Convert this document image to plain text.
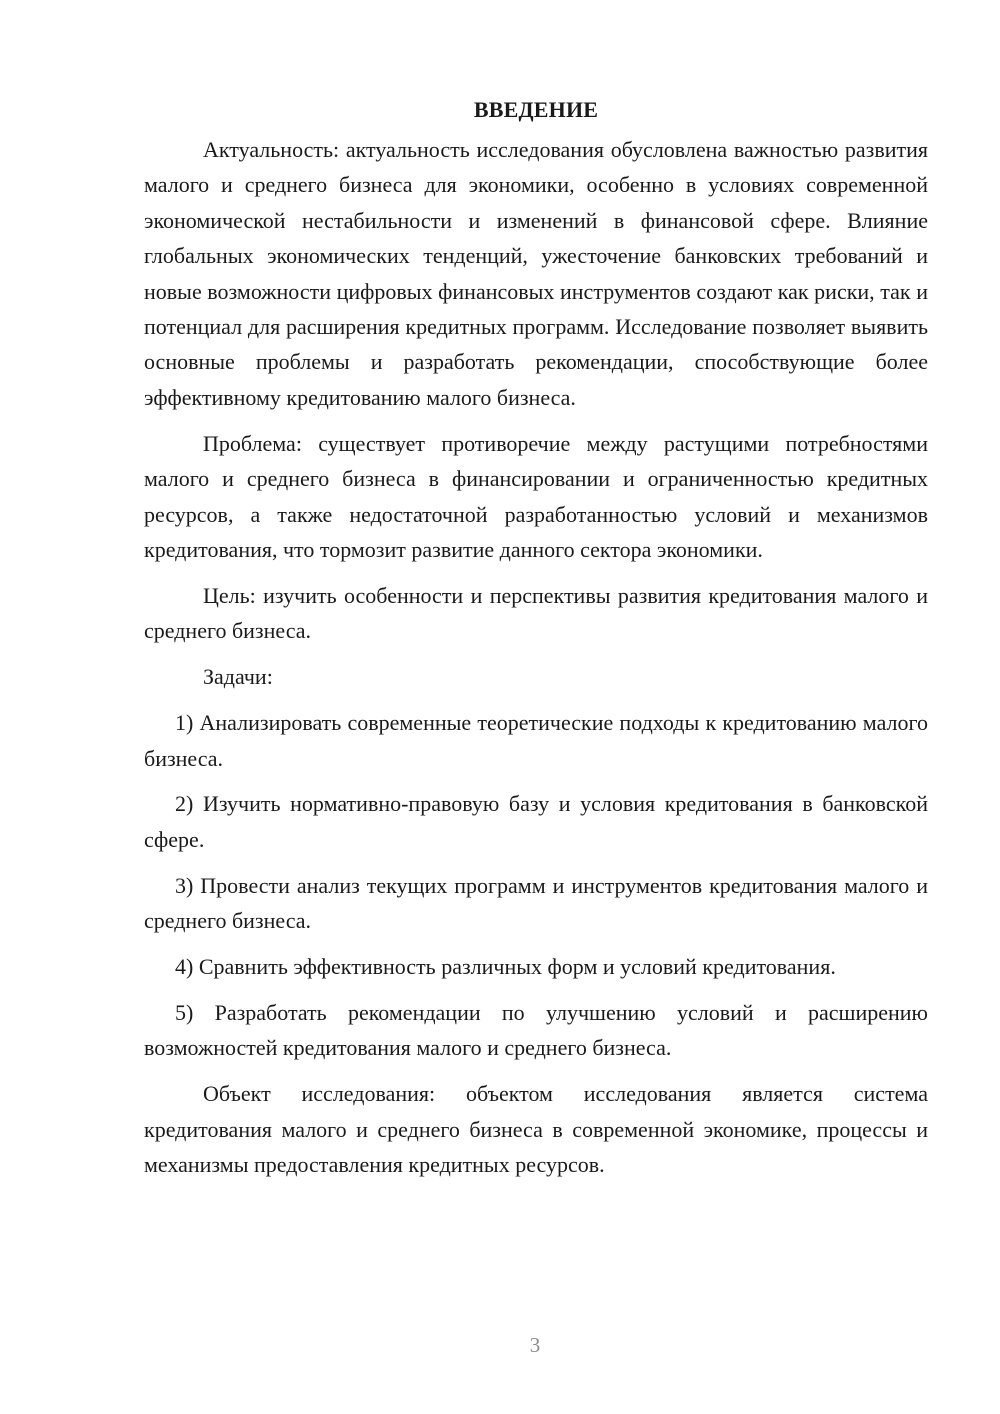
ВВЕДЕНИЕ

Актуальность: актуальность исследования обусловлена важностью развития малого и среднего бизнеса для экономики, особенно в условиях современной экономической нестабильности и изменений в финансовой сфере. Влияние глобальных экономических тенденций, ужесточение банковских требований и новые возможности цифровых финансовых инструментов создают как риски, так и потенциал для расширения кредитных программ. Исследование позволяет выявить основные проблемы и разработать рекомендации, способствующие более эффективному кредитованию малого бизнеса.

Проблема: существует противоречие между растущими потребностями малого и среднего бизнеса в финансировании и ограниченностью кредитных ресурсов, а также недостаточной разработанностью условий и механизмов кредитования, что тормозит развитие данного сектора экономики.

Цель: изучить особенности и перспективы развития кредитования малого и среднего бизнеса.

Задачи:

1) Анализировать современные теоретические подходы к кредитованию малого бизнеса.

2) Изучить нормативно-правовую базу и условия кредитования в банковской сфере.

3) Провести анализ текущих программ и инструментов кредитования малого и среднего бизнеса.

4) Сравнить эффективность различных форм и условий кредитования.

5) Разработать рекомендации по улучшению условий и расширению возможностей кредитования малого и среднего бизнеса.

Объект исследования: объектом исследования является система кредитования малого и среднего бизнеса в современной экономике, процессы и механизмы предоставления кредитных ресурсов.

3
